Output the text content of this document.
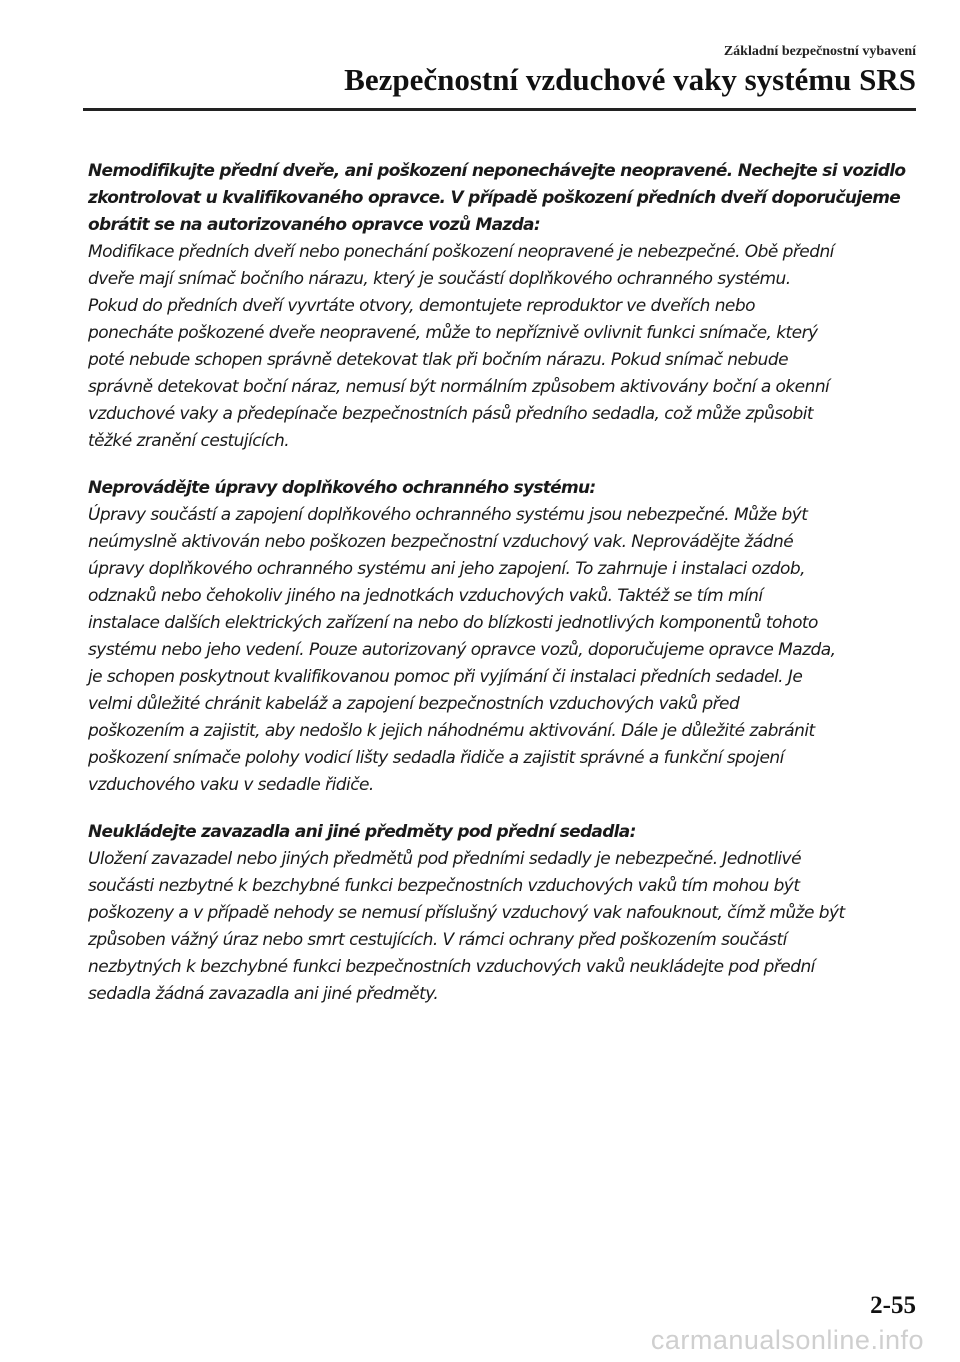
Základní bezpečnostní vybavení
Bezpečnostní vzduchové vaky systému SRS
Nemodifikujte přední dveře, ani poškození neponechávejte neopravené. Nechejte si vozidlo
zkontrolovat u kvalifikovaného opravce. V případě poškození předních dveří doporučujeme
obrátit se na autorizovaného opravce vozů Mazda:
Modifikace předních dveří nebo ponechání poškození neopravené je nebezpečné. Obě přední
dveře mají snímač bočního nárazu, který je součástí doplňkového ochranného systému.
Pokud do předních dveří vyvrtáte otvory, demontujete reproduktor ve dveřích nebo
ponecháte poškozené dveře neopravené, může to nepříznivě ovlivnit funkci snímače, který
poté nebude schopen správně detekovat tlak při bočním nárazu. Pokud snímač nebude
správně detekovat boční náraz, nemusí být normálním způsobem aktivovány boční a okenní
vzduchové vaky a předepínače bezpečnostních pásů předního sedadla, což může způsobit
těžké zranění cestujících.
Neprovádějte úpravy doplňkového ochranného systému:
Úpravy součástí a zapojení doplňkového ochranného systému jsou nebezpečné. Může být
neúmyslně aktivován nebo poškozen bezpečnostní vzduchový vak. Neprovádějte žádné
úpravy doplňkového ochranného systému ani jeho zapojení. To zahrnuje i instalaci ozdob,
odznaků nebo čehokoliv jiného na jednotkách vzduchových vaků. Taktéž se tím míní
instalace dalších elektrických zařízení na nebo do blízkosti jednotlivých komponentů tohoto
systému nebo jeho vedení. Pouze autorizovaný opravce vozů, doporučujeme opravce Mazda,
je schopen poskytnout kvalifikovanou pomoc při vyjímání či instalaci předních sedadel. Je
velmi důležité chránit kabeláž a zapojení bezpečnostních vzduchových vaků před
poškozením a zajistit, aby nedošlo k jejich náhodnému aktivování. Dále je důležité zabránit
poškození snímače polohy vodicí lišty sedadla řidiče a zajistit správné a funkční spojení
vzduchového vaku v sedadle řidiče.
Neukládejte zavazadla ani jiné předměty pod přední sedadla:
Uložení zavazadel nebo jiných předmětů pod předními sedadly je nebezpečné. Jednotlivé
součásti nezbytné k bezchybné funkci bezpečnostních vzduchových vaků tím mohou být
poškozeny a v případě nehody se nemusí příslušný vzduchový vak nafouknout, čímž může být
způsoben vážný úraz nebo smrt cestujících. V rámci ochrany před poškozením součástí
nezbytných k bezchybné funkci bezpečnostních vzduchových vaků neukládejte pod přední
sedadla žádná zavazadla ani jiné předměty.
2-55
carmanualsonline.info
